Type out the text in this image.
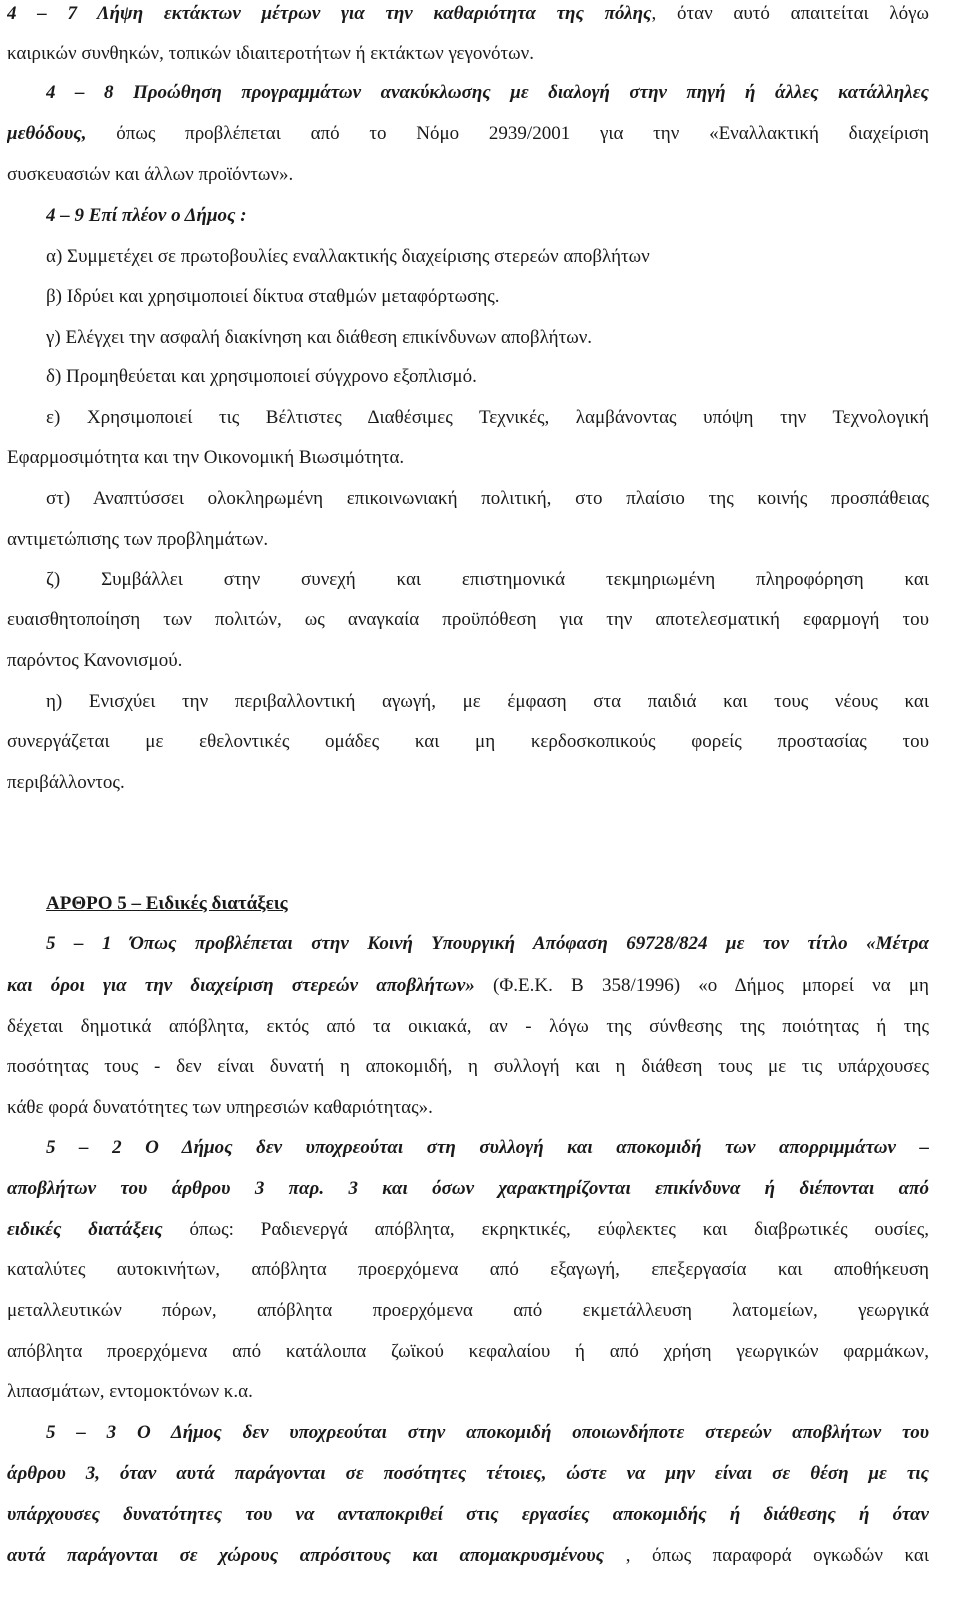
4 – 7 Λήψη εκτάκτων μέτρων για την καθαριότητα της πόλης, όταν αυτό απαιτείται λόγω
καιρικών συνθηκών, τοπικών ιδιαιτεροτήτων ή εκτάκτων γεγονότων.
4 – 8 Προώθηση προγραμμάτων ανακύκλωσης με διαλογή στην πηγή ή άλλες κατάλληλες
μεθόδους, όπως προβλέπεται από το Νόμο 2939/2001 για την «Εναλλακτική διαχείριση
συσκευασιών και άλλων προϊόντων».
4 – 9 Επί πλέον ο Δήμος :
α) Συμμετέχει σε πρωτοβουλίες εναλλακτικής διαχείρισης στερεών αποβλήτων
β) Ιδρύει και χρησιμοποιεί δίκτυα σταθμών μεταφόρτωσης.
γ) Ελέγχει την ασφαλή διακίνηση και διάθεση επικίνδυνων αποβλήτων.
δ) Προμηθεύεται και χρησιμοποιεί σύγχρονο εξοπλισμό.
ε) Χρησιμοποιεί τις Βέλτιστες Διαθέσιμες Τεχνικές, λαμβάνοντας υπόψη την Τεχνολογική
Εφαρμοσιμότητα και την Οικονομική Βιωσιμότητα.
στ) Αναπτύσσει ολοκληρωμένη επικοινωνιακή πολιτική, στο πλαίσιο της κοινής προσπάθειας
αντιμετώπισης των προβλημάτων.
ζ) Συμβάλλει στην συνεχή και επιστημονικά τεκμηριωμένη πληροφόρηση και
ευαισθητοποίηση των πολιτών, ως αναγκαία προϋπόθεση για την αποτελεσματική εφαρμογή του
παρόντος Κανονισμού.
η) Ενισχύει την περιβαλλοντική αγωγή, με έμφαση στα παιδιά και τους νέους και
συνεργάζεται με εθελοντικές ομάδες και μη κερδοσκοπικούς φορείς προστασίας του
περιβάλλοντος.
ΑΡΘΡΟ 5 – Ειδικές διατάξεις
5 – 1 Όπως προβλέπεται στην Κοινή Υπουργική Απόφαση 69728/824 με τον τίτλο «Μέτρα
και όροι για την διαχείριση στερεών αποβλήτων» (Φ.Ε.Κ. Β 358/1996) «ο Δήμος μπορεί να μη
δέχεται δημοτικά απόβλητα, εκτός από τα οικιακά, αν - λόγω της σύνθεσης της ποιότητας ή της
ποσότητας τους - δεν είναι δυνατή η αποκομιδή, η συλλογή και η διάθεση τους με τις υπάρχουσες
κάθε φορά δυνατότητες των υπηρεσιών καθαριότητας».
5 – 2 Ο Δήμος δεν υποχρεούται στη συλλογή και αποκομιδή των απορριμμάτων –
αποβλήτων του άρθρου 3 παρ. 3 και όσων χαρακτηρίζονται επικίνδυνα ή διέπονται από
ειδικές διατάξεις όπως: Ραδιενεργά απόβλητα, εκρηκτικές, εύφλεκτες και διαβρωτικές ουσίες,
καταλύτες αυτοκινήτων, απόβλητα προερχόμενα από εξαγωγή, επεξεργασία και αποθήκευση
μεταλλευτικών πόρων, απόβλητα προερχόμενα από εκμετάλλευση λατομείων, γεωργικά
απόβλητα προερχόμενα από κατάλοιπα ζωϊκού κεφαλαίου ή από χρήση γεωργικών φαρμάκων,
λιπασμάτων, εντομοκτόνων κ.α.
5 – 3 Ο Δήμος δεν υποχρεούται στην αποκομιδή οποιωνδήποτε στερεών αποβλήτων του
άρθρου 3, όταν αυτά παράγονται σε ποσότητες τέτοιες, ώστε να μην είναι σε θέση με τις
υπάρχουσες δυνατότητες του να ανταποκριθεί στις εργασίες αποκομιδής ή διάθεσης ή όταν
αυτά παράγονται σε χώρους απρόσιτους και απομακρυσμένους , όπως παραφορά ογκωδών και
